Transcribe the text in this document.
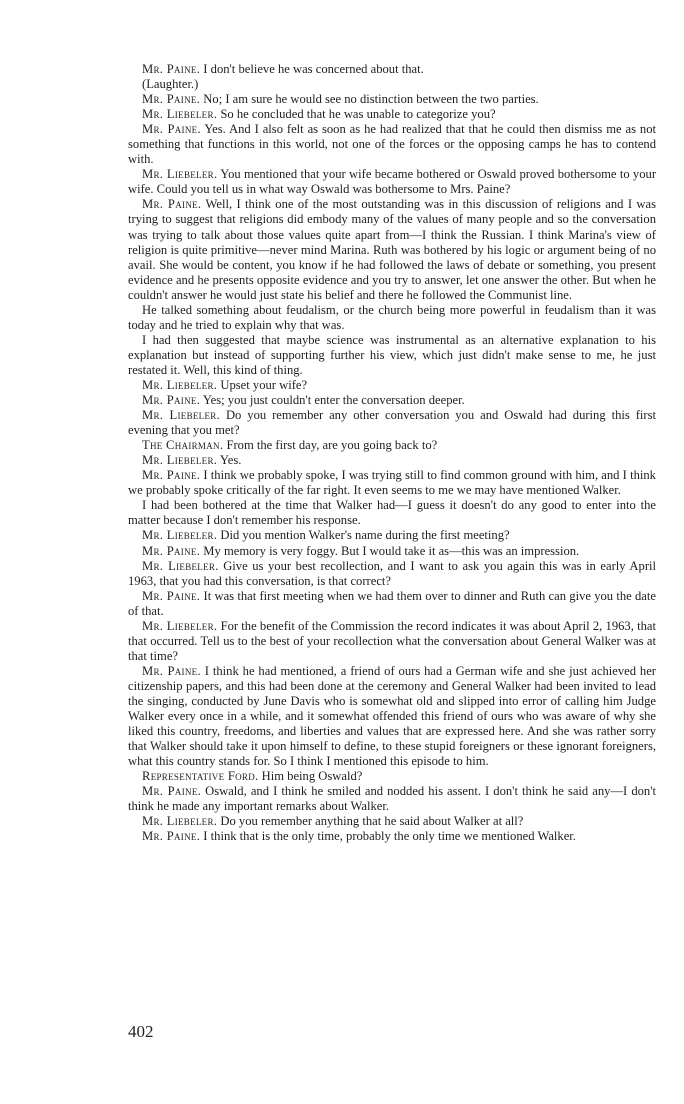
Mr. Paine. I don't believe he was concerned about that.

(Laughter.)

Mr. Paine. No; I am sure he would see no distinction between the two parties.

Mr. Liebeler. So he concluded that he was unable to categorize you?

Mr. Paine. Yes. And I also felt as soon as he had realized that that he could then dismiss me as not something that functions in this world, not one of the forces or the opposing camps he has to contend with.

Mr. Liebeler. You mentioned that your wife became bothered or Oswald proved bothersome to your wife. Could you tell us in what way Oswald was bothersome to Mrs. Paine?

Mr. Paine. Well, I think one of the most outstanding was in this discussion of religions and I was trying to suggest that religions did embody many of the values of many people and so the conversation was trying to talk about those values quite apart from—I think the Russian. I think Marina's view of religion is quite primitive—never mind Marina. Ruth was bothered by his logic or argument being of no avail. She would be content, you know if he had followed the laws of debate or something, you present evidence and he presents opposite evidence and you try to answer, let one answer the other. But when he couldn't answer he would just state his belief and there he followed the Communist line.

He talked something about feudalism, or the church being more powerful in feudalism than it was today and he tried to explain why that was.

I had then suggested that maybe science was instrumental as an alternative explanation to his explanation but instead of supporting further his view, which just didn't make sense to me, he just restated it. Well, this kind of thing.

Mr. Liebeler. Upset your wife?

Mr. Paine. Yes; you just couldn't enter the conversation deeper.

Mr. Liebeler. Do you remember any other conversation you and Oswald had during this first evening that you met?

The Chairman. From the first day, are you going back to?

Mr. Liebeler. Yes.

Mr. Paine. I think we probably spoke, I was trying still to find common ground with him, and I think we probably spoke critically of the far right. It even seems to me we may have mentioned Walker.

I had been bothered at the time that Walker had—I guess it doesn't do any good to enter into the matter because I don't remember his response.

Mr. Liebeler. Did you mention Walker's name during the first meeting?

Mr. Paine. My memory is very foggy. But I would take it as—this was an impression.

Mr. Liebeler. Give us your best recollection, and I want to ask you again this was in early April 1963, that you had this conversation, is that correct?

Mr. Paine. It was that first meeting when we had them over to dinner and Ruth can give you the date of that.

Mr. Liebeler. For the benefit of the Commission the record indicates it was about April 2, 1963, that that occurred. Tell us to the best of your recollection what the conversation about General Walker was at that time?

Mr. Paine. I think he had mentioned, a friend of ours had a German wife and she just achieved her citizenship papers, and this had been done at the ceremony and General Walker had been invited to lead the singing, conducted by June Davis who is somewhat old and slipped into error of calling him Judge Walker every once in a while, and it somewhat offended this friend of ours who was aware of why she liked this country, freedoms, and liberties and values that are expressed here. And she was rather sorry that Walker should take it upon himself to define, to these stupid foreigners or these ignorant foreigners, what this country stands for. So I think I mentioned this episode to him.

Representative Ford. Him being Oswald?

Mr. Paine. Oswald, and I think he smiled and nodded his assent. I don't think he said any—I don't think he made any important remarks about Walker.

Mr. Liebeler. Do you remember anything that he said about Walker at all?

Mr. Paine. I think that is the only time, probably the only time we mentioned Walker.

402
